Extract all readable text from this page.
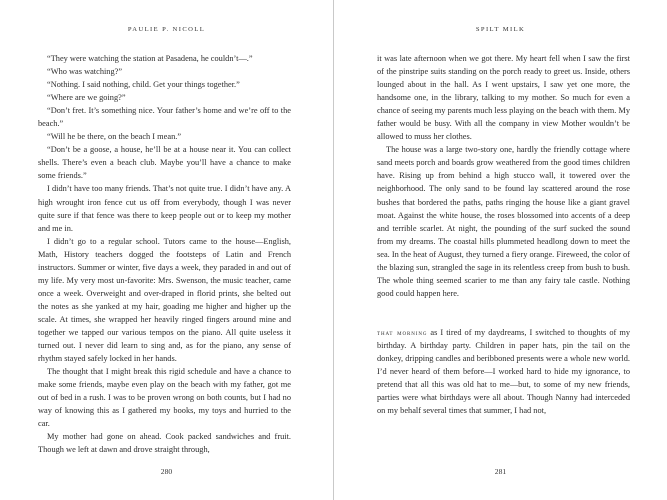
PAULIE P. NICOLL

“They were watching the station at Pasadena, he couldn’t—.”

“Who was watching?”

“Nothing. I said nothing, child. Get your things together.”

“Where are we going?”

“Don’t fret. It’s something nice. Your father’s home and we’re off to the beach.”

“Will he be there, on the beach I mean.”

“Don’t be a goose, a house, he’ll be at a house near it. You can collect shells. There’s even a beach club. Maybe you’ll have a chance to make some friends.”

I didn’t have too many friends. That’s not quite true. I didn’t have any. A high wrought iron fence cut us off from everybody, though I was never quite sure if that fence was there to keep people out or to keep my mother and me in.

I didn’t go to a regular school. Tutors came to the house—English, Math, History teachers dogged the footsteps of Latin and French instructors. Summer or winter, five days a week, they paraded in and out of my life. My very most un-favorite: Mrs. Swenson, the music teacher, came once a week. Overweight and over-draped in florid prints, she belted out the notes as she yanked at my hair, goading me higher and higher up the scale. At times, she wrapped her heavily ringed fingers around mine and together we tapped our various tempos on the piano. All quite useless it turned out. I never did learn to sing and, as for the piano, any sense of rhythm stayed safely locked in her hands.

The thought that I might break this rigid schedule and have a chance to make some friends, maybe even play on the beach with my father, got me out of bed in a rush. I was to be proven wrong on both counts, but I had no way of knowing this as I gathered my books, my toys and hurried to the car.

My mother had gone on ahead. Cook packed sandwiches and fruit. Though we left at dawn and drove straight through,

280
SPILT MILK

it was late afternoon when we got there. My heart fell when I saw the first of the pinstripe suits standing on the porch ready to greet us. Inside, others lounged about in the hall. As I went upstairs, I saw yet one more, the handsome one, in the library, talking to my mother. So much for even a chance of seeing my parents much less playing on the beach with them. My father would be busy. With all the company in view Mother wouldn’t be allowed to muss her clothes.

The house was a large two-story one, hardly the friendly cottage where sand meets porch and boards grow weathered from the good times children have. Rising up from behind a high stucco wall, it towered over the neighborhood. The only sand to be found lay scattered around the rose bushes that bordered the paths, paths ringing the house like a giant gravel moat. Against the white house, the roses blossomed into accents of a deep and terrible scarlet. At night, the pounding of the surf sucked the sound from my dreams. The coastal hills plummeted headlong down to meet the sea. In the heat of August, they turned a fiery orange. Fireweed, the color of the blazing sun, strangled the sage in its relentless creep from bush to bush. The whole thing seemed scarier to me than any fairy tale castle. Nothing good could happen here.

that morning as I tired of my daydreams, I switched to thoughts of my birthday. A birthday party. Children in paper hats, pin the tail on the donkey, dripping candles and beribboned presents were a whole new world. I’d never heard of them before—I worked hard to hide my ignorance, to pretend that all this was old hat to me—but, to some of my new friends, parties were what birthdays were all about. Though Nanny had interceded on my behalf several times that summer, I had not,

281
